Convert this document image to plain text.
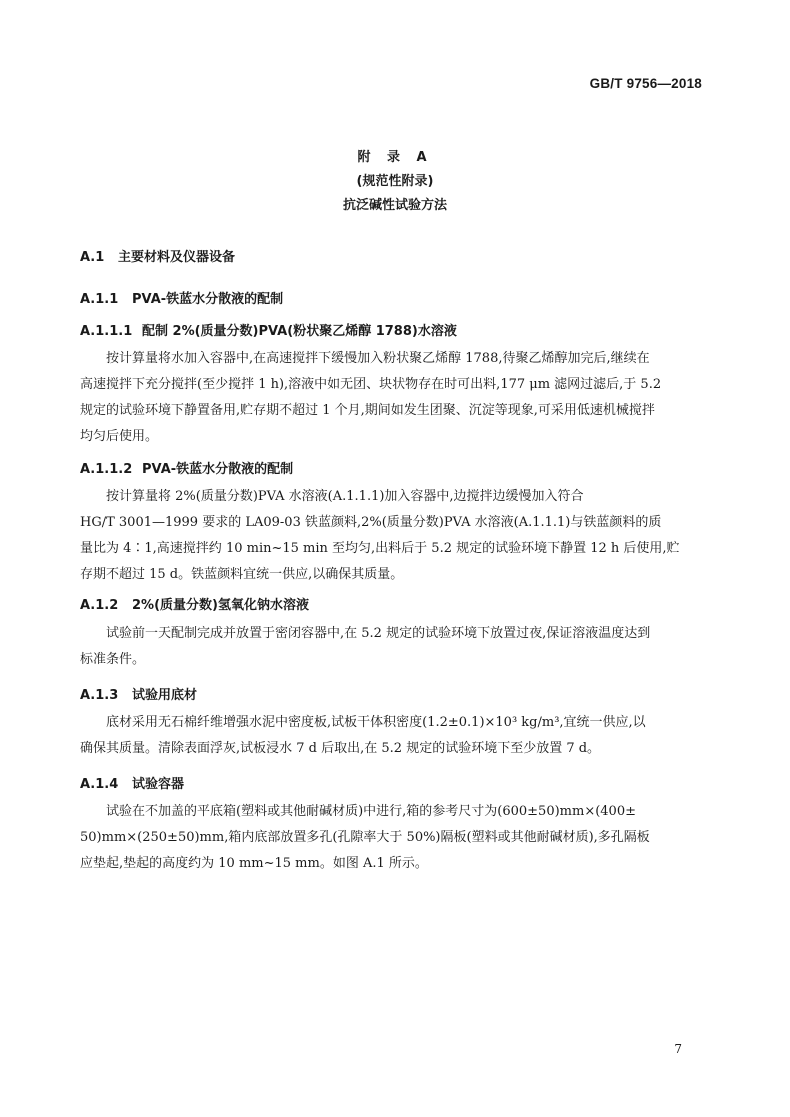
GB/T 9756—2018
附 录 A
(规范性附录)
抗泛碱性试验方法
A.1 主要材料及仪器设备
A.1.1 PVA-铁蓝水分散液的配制
A.1.1.1 配制 2%(质量分数)PVA(粉状聚乙烯醇 1788)水溶液
按计算量将水加入容器中,在高速搅拌下缓慢加入粉状聚乙烯醇 1788,待聚乙烯醇加完后,继续在
高速搅拌下充分搅拌(至少搅拌 1 h),溶液中如无团、块状物存在时可出料,177 μm 滤网过滤后,于 5.2
规定的试验环境下静置备用,贮存期不超过 1 个月,期间如发生团聚、沉淀等现象,可采用低速机械搅拌
均匀后使用。
A.1.1.2 PVA-铁蓝水分散液的配制
按计算量将 2%(质量分数)PVA 水溶液(A.1.1.1)加入容器中,边搅拌边缓慢加入符合
HG/T 3001—1999 要求的 LA09-03 铁蓝颜料,2%(质量分数)PVA 水溶液(A.1.1.1)与铁蓝颜料的质
量比为 4∶1,高速搅拌约 10 min~15 min 至均匀,出料后于 5.2 规定的试验环境下静置 12 h 后使用,贮
存期不超过 15 d。铁蓝颜料宜统一供应,以确保其质量。
A.1.2 2%(质量分数)氢氧化钠水溶液
试验前一天配制完成并放置于密闭容器中,在 5.2 规定的试验环境下放置过夜,保证溶液温度达到
标准条件。
A.1.3 试验用底材
底材采用无石棉纤维增强水泥中密度板,试板干体积密度(1.2±0.1)×10³ kg/m³,宜统一供应,以
确保其质量。清除表面浮灰,试板浸水 7 d 后取出,在 5.2 规定的试验环境下至少放置 7 d。
A.1.4 试验容器
试验在不加盖的平底箱(塑料或其他耐碱材质)中进行,箱的参考尺寸为(600±50)mm×(400±
50)mm×(250±50)mm,箱内底部放置多孔(孔隙率大于 50%)隔板(塑料或其他耐碱材质),多孔隔板
应垫起,垫起的高度约为 10 mm~15 mm。如图 A.1 所示。
7
